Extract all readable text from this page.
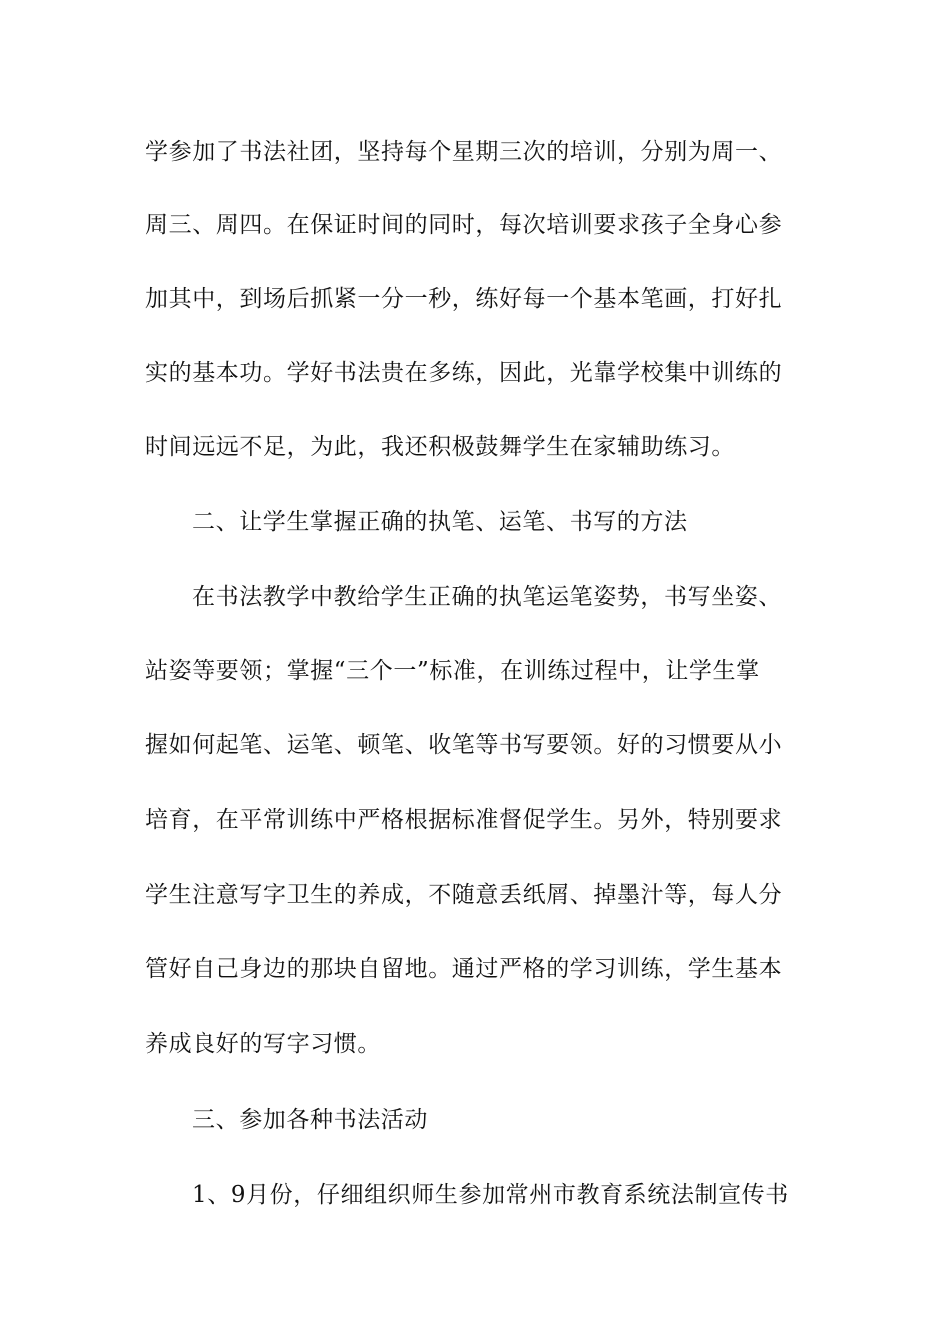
学参加了书法社团，坚持每个星期三次的培训，分别为周一、
周三、周四。在保证时间的同时，每次培训要求孩子全身心参
加其中，到场后抓紧一分一秒，练好每一个基本笔画，打好扎
实的基本功。学好书法贵在多练，因此，光靠学校集中训练的
时间远远不足，为此，我还积极鼓舞学生在家辅助练习。
二、让学生掌握正确的执笔、运笔、书写的方法
在书法教学中教给学生正确的执笔运笔姿势，书写坐姿、
站姿等要领；掌握“三个一”标准，在训练过程中，让学生掌
握如何起笔、运笔、顿笔、收笔等书写要领。好的习惯要从小
培育，在平常训练中严格根据标准督促学生。另外，特别要求
学生注意写字卫生的养成，不随意丢纸屑、掉墨汁等，每人分
管好自己身边的那块自留地。通过严格的学习训练，学生基本
养成良好的写字习惯。
三、参加各种书法活动
1、9月份，仔细组织师生参加常州市教育系统法制宣传书
